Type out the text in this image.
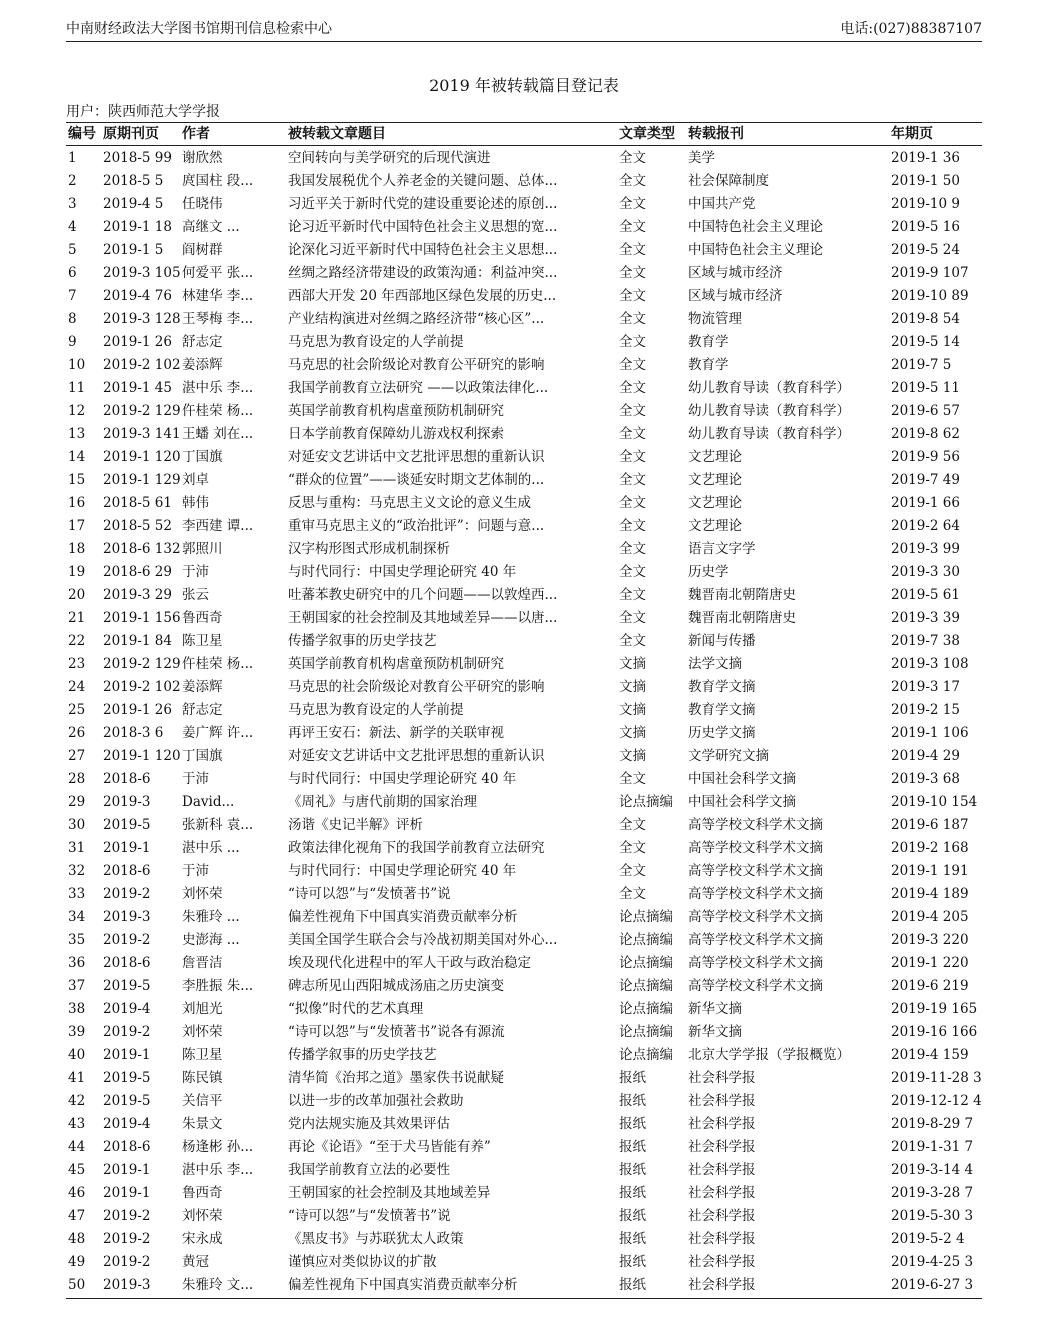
中南财经政法大学图书馆期刊信息检索中心	电话:(027)88387107
2019 年被转载篇目登记表
用户：陕西师范大学学报
编号 原期刊页	作者	被转载文章题目	文章类型 转载报刊	年期页
1	2018-5 99 谢欣然	空间转向与美学研究的后现代演进	全文	美学	2019-1 36
2	2018-5 5	庹国柱 段...	我国发展税优个人养老金的关键问题、总体...	全文	社会保障制度	2019-1 50
3	2019-4 5	任晓伟	习近平关于新时代党的建设重要论述的原创...	全文	中国共产党	2019-10 9
4	2019-1 18 高继文 ...	论习近平新时代中国特色社会主义思想的宽...	全文	中国特色社会主义理论	2019-5 16
5	2019-1 5	阎树群	论深化习近平新时代中国特色社会主义思想...	全文	中国特色社会主义理论	2019-5 24
6	2019-3 105 何爱平 张...	丝绸之路经济带建设的政策沟通：利益冲突...	全文	区域与城市经济	2019-9 107
7	2019-4 76 林建华 李...	西部大开发 20 年西部地区绿色发展的历史...	全文	区域与城市经济	2019-10 89
8	2019-3 128 王琴梅 李...	产业结构演进对丝绸之路经济带“核心区”...	全文	物流管理	2019-8 54
9	2019-1 26 舒志定	马克思为教育设定的人学前提	全文	教育学	2019-5 14
10	2019-2 102 姜添辉	马克思的社会阶级论对教育公平研究的影响	全文	教育学	2019-7 5
11	2019-1 45 湛中乐 李...	我国学前教育立法研究 ——以政策法律化...	全文	幼儿教育导读（教育科学）	2019-5 11
12	2019-2 129 仵桂荣 杨...	英国学前教育机构虐童预防机制研究	全文	幼儿教育导读（教育科学）	2019-6 57
13	2019-3 141 王蟠 刘在...	日本学前教育保障幼儿游戏权利探索	全文	幼儿教育导读（教育科学）	2019-8 62
14	2019-1 120 丁国旗	对延安文艺讲话中文艺批评思想的重新认识	全文	文艺理论	2019-9 56
15	2019-1 129 刘卓	“群众的位置”——谈延安时期文艺体制的...	全文	文艺理论	2019-7 49
16	2018-5 61 韩伟	反思与重构：马克思主义文论的意义生成	全文	文艺理论	2019-1 66
17	2018-5 52 李西建 谭...	重审马克思主义的“政治批评”：问题与意...	全文	文艺理论	2019-2 64
18	2018-6 132 郭照川	汉字构形图式形成机制探析	全文	语言文字学	2019-3 99
19	2018-6 29 于沛	与时代同行：中国史学理论研究 40 年	全文	历史学	2019-3 30
20	2019-3 29 张云	吐蕃苯教史研究中的几个问题——以敦煌西...	全文	魏晋南北朝隋唐史	2019-5 61
21	2019-1 156 鲁西奇	王朝国家的社会控制及其地域差异——以唐...	全文	魏晋南北朝隋唐史	2019-3 39
22	2019-1 84 陈卫星	传播学叙事的历史学技艺	全文	新闻与传播	2019-7 38
23	2019-2 129 仵桂荣 杨...	英国学前教育机构虐童预防机制研究	文摘	法学文摘	2019-3 108
24	2019-2 102 姜添辉	马克思的社会阶级论对教育公平研究的影响	文摘	教育学文摘	2019-3 17
25	2019-1 26 舒志定	马克思为教育设定的人学前提	文摘	教育学文摘	2019-2 15
26	2018-3 6	姜广辉 许...	再评王安石：新法、新学的关联审视	文摘	历史学文摘	2019-1 106
27	2019-1 120 丁国旗	对延安文艺讲话中文艺批评思想的重新认识	文摘	文学研究文摘	2019-4 29
28	2018-6	于沛	与时代同行：中国史学理论研究 40 年	全文	中国社会科学文摘	2019-3 68
29	2019-3	David...	《周礼》与唐代前期的国家治理	论点摘编	中国社会科学文摘	2019-10 154
30	2019-5	张新科 袁...	汤谐《史记半解》评析	全文	高等学校文科学术文摘	2019-6 187
31	2019-1	湛中乐 ...	政策法律化视角下的我国学前教育立法研究	全文	高等学校文科学术文摘	2019-2 168
32	2018-6	于沛	与时代同行：中国史学理论研究 40 年	全文	高等学校文科学术文摘	2019-1 191
33	2019-2	刘怀荣	“诗可以怨”与“发愤著书”说	全文	高等学校文科学术文摘	2019-4 189
34	2019-3	朱雅玲 ...	偏差性视角下中国真实消费贡献率分析	论点摘编	高等学校文科学术文摘	2019-4 205
35	2019-2	史澎海 ...	美国全国学生联合会与冷战初期美国对外心...	论点摘编	高等学校文科学术文摘	2019-3 220
36	2018-6	詹晋洁	埃及现代化进程中的军人干政与政治稳定	论点摘编	高等学校文科学术文摘	2019-1 220
37	2019-5	李胜振 朱...	碑志所见山西阳城成汤庙之历史演变	论点摘编	高等学校文科学术文摘	2019-6 219
38	2019-4	刘旭光	“拟像”时代的艺术真理	论点摘编	新华文摘	2019-19 165
39	2019-2	刘怀荣	“诗可以怨”与“发愤著书”说各有源流	论点摘编	新华文摘	2019-16 166
40	2019-1	陈卫星	传播学叙事的历史学技艺	论点摘编	北京大学学报（学报概览）	2019-4 159
41	2019-5	陈民镇	清华简《治邦之道》墨家佚书说献疑	报纸	社会科学报	2019-11-28 3
42	2019-5	关信平	以进一步的改革加强社会救助	报纸	社会科学报	2019-12-12 4
43	2019-4	朱景文	党内法规实施及其效果评估	报纸	社会科学报	2019-8-29 7
44	2018-6	杨逢彬 孙...	再论《论语》“至于犬马皆能有养”	报纸	社会科学报	2019-1-31 7
45	2019-1	湛中乐 李...	我国学前教育立法的必要性	报纸	社会科学报	2019-3-14 4
46	2019-1	鲁西奇	王朝国家的社会控制及其地域差异	报纸	社会科学报	2019-3-28 7
47	2019-2	刘怀荣	“诗可以怨”与“发愤著书”说	报纸	社会科学报	2019-5-30 3
48	2019-2	宋永成	《黑皮书》与苏联犹太人政策	报纸	社会科学报	2019-5-2 4
49	2019-2	黄冠	谨慎应对类似协议的扩散	报纸	社会科学报	2019-4-25 3
50	2019-3	朱雅玲 文...	偏差性视角下中国真实消费贡献率分析	报纸	社会科学报	2019-6-27 3
